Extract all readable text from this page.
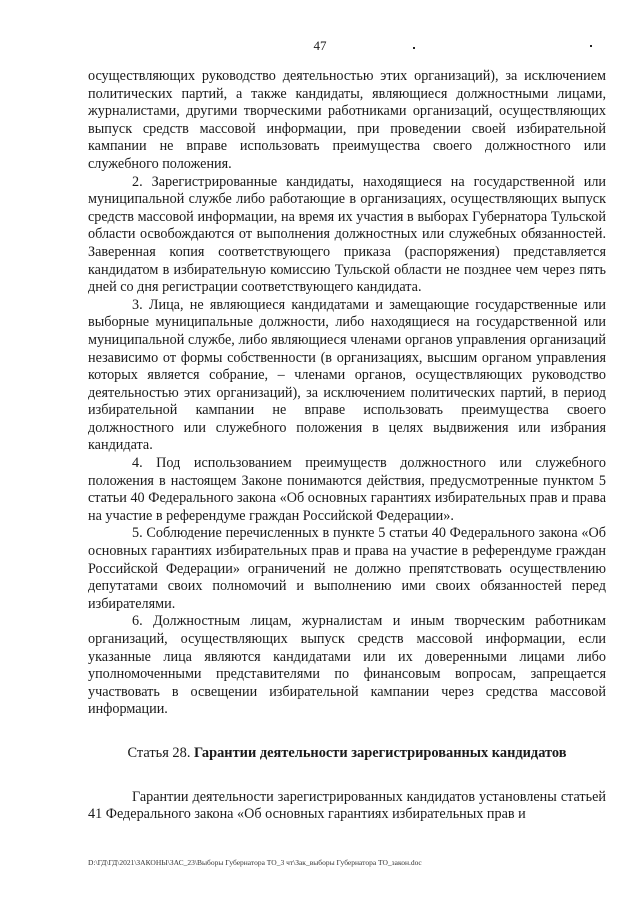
47

осуществляющих руководство деятельностью этих организаций), за исключением политических партий, а также кандидаты, являющиеся должностными лицами, журналистами, другими творческими работниками организаций, осуществляющих выпуск средств массовой информации, при проведении своей избирательной кампании не вправе использовать преимущества своего должностного или служебного положения.

2. Зарегистрированные кандидаты, находящиеся на государственной или муниципальной службе либо работающие в организациях, осуществляющих выпуск средств массовой информации, на время их участия в выборах Губернатора Тульской области освобождаются от выполнения должностных или служебных обязанностей. Заверенная копия соответствующего приказа (распоряжения) представляется кандидатом в избирательную комиссию Тульской области не позднее чем через пять дней со дня регистрации соответствующего кандидата.

3. Лица, не являющиеся кандидатами и замещающие государственные или выборные муниципальные должности, либо находящиеся на государственной или муниципальной службе, либо являющиеся членами органов управления организаций независимо от формы собственности (в организациях, высшим органом управления которых является собрание, – членами органов, осуществляющих руководство деятельностью этих организаций), за исключением политических партий, в период избирательной кампании не вправе использовать преимущества своего должностного или служебного положения в целях выдвижения или избрания кандидата.

4. Под использованием преимуществ должностного или служебного положения в настоящем Законе понимаются действия, предусмотренные пунктом 5 статьи 40 Федерального закона «Об основных гарантиях избирательных прав и права на участие в референдуме граждан Российской Федерации».

5. Соблюдение перечисленных в пункте 5 статьи 40 Федерального закона «Об основных гарантиях избирательных прав и права на участие в референдуме граждан Российской Федерации» ограничений не должно препятствовать осуществлению депутатами своих полномочий и выполнению ими своих обязанностей перед избирателями.

6. Должностным лицам, журналистам и иным творческим работникам организаций, осуществляющих выпуск средств массовой информации, если указанные лица являются кандидатами или их доверенными лицами либо уполномоченными представителями по финансовым вопросам, запрещается участвовать в освещении избирательной кампании через средства массовой информации.

Статья 28. Гарантии деятельности зарегистрированных кандидатов

Гарантии деятельности зарегистрированных кандидатов установлены статьей 41 Федерального закона «Об основных гарантиях избирательных прав и

D:\ГД\ГД\2021\ЗАКОНЫ\ЗАС_23\Выборы Губернатора ТО_3 чт\Зак_выборы Губернатора ТО_закон.doc
